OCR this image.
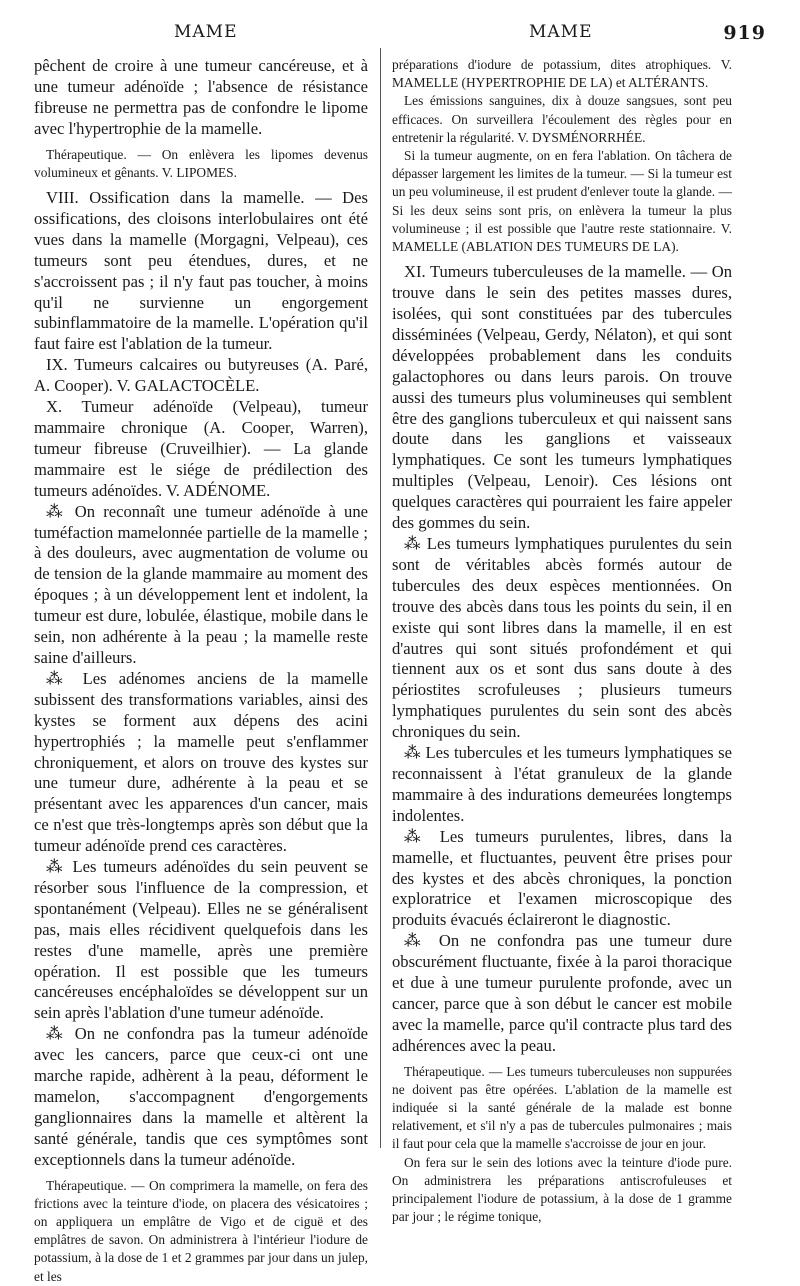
MAME	MAME	919

pêchent de croire à une tumeur cancéreuse, et à une tumeur adénoïde ; l'absence de résistance fibreuse ne permettra pas de confondre le lipome avec l'hypertrophie de la mamelle.

Thérapeutique. — On enlèvera les lipomes devenus volumineux et gênants. V. LIPOMES.

VIII. Ossification dans la mamelle. — Des ossifications, des cloisons interlobulaires ont été vues dans la mamelle (Morgagni, Velpeau), ces tumeurs sont peu étendues, dures, et ne s'accroissent pas ; il n'y faut pas toucher, à moins qu'il ne survienne un engorgement subinflammatoire de la mamelle. L'opération qu'il faut faire est l'ablation de la tumeur.

IX. Tumeurs calcaires ou butyreuses (A. Paré, A. Cooper). V. GALACTOCÈLE.

X. Tumeur adénoïde (Velpeau), tumeur mammaire chronique (A. Cooper, Warren), tumeur fibreuse (Cruveilhier). — La glande mammaire est le siége de prédilection des tumeurs adénoïdes. V. ADÉNOME.

⁂ On reconnaît une tumeur adénoïde à une tuméfaction mamelonnée partielle de la mamelle ; à des douleurs, avec augmentation de volume ou de tension de la glande mammaire au moment des époques ; à un développement lent et indolent, la tumeur est dure, lobulée, élastique, mobile dans le sein, non adhérente à la peau ; la mamelle reste saine d'ailleurs.

⁂ Les adénomes anciens de la mamelle subissent des transformations variables, ainsi des kystes se forment aux dépens des acini hypertrophiés ; la mamelle peut s'enflammer chroniquement, et alors on trouve des kystes sur une tumeur dure, adhérente à la peau et se présentant avec les apparences d'un cancer, mais ce n'est que très-longtemps après son début que la tumeur adénoïde prend ces caractères.

⁂ Les tumeurs adénoïdes du sein peuvent se résorber sous l'influence de la compression, et spontanément (Velpeau). Elles ne se généralisent pas, mais elles récidivent quelquefois dans les restes d'une mamelle, après une première opération. Il est possible que les tumeurs cancéreuses encéphaloïdes se développent sur un sein après l'ablation d'une tumeur adénoïde.

⁂ On ne confondra pas la tumeur adénoïde avec les cancers, parce que ceux-ci ont une marche rapide, adhèrent à la peau, déforment le mamelon, s'accompagnent d'engorgements ganglionnaires dans la mamelle et altèrent la santé générale, tandis que ces symptômes sont exceptionnels dans la tumeur adénoïde.

Thérapeutique. — On comprimera la mamelle, on fera des frictions avec la teinture d'iode, on placera des vésicatoires ; on appliquera un emplâtre de Vigo et de ciguë et des emplâtres de savon. On administrera à l'intérieur l'iodure de potassium, à la dose de 1 et 2 grammes par jour dans un julep, et les

préparations d'iodure de potassium, dites atrophiques. V. MAMELLE (HYPERTROPHIE DE LA) et ALTÉRANTS.

Les émissions sanguines, dix à douze sangsues, sont peu efficaces. On surveillera l'écoulement des règles pour en entretenir la régularité. V. DYSMÉNORRHÉE.

Si la tumeur augmente, on en fera l'ablation. On tâchera de dépasser largement les limites de la tumeur. — Si la tumeur est un peu volumineuse, il est prudent d'enlever toute la glande. — Si les deux seins sont pris, on enlèvera la tumeur la plus volumineuse ; il est possible que l'autre reste stationnaire. V. MAMELLE (ABLATION DES TUMEURS DE LA).

XI. Tumeurs tuberculeuses de la mamelle. — On trouve dans le sein des petites masses dures, isolées, qui sont constituées par des tubercules disséminées (Velpeau, Gerdy, Nélaton), et qui sont développées probablement dans les conduits galactophores ou dans leurs parois. On trouve aussi des tumeurs plus volumineuses qui semblent être des ganglions tuberculeux et qui naissent sans doute dans les ganglions et vaisseaux lymphatiques. Ce sont les tumeurs lymphatiques multiples (Velpeau, Lenoir). Ces lésions ont quelques caractères qui pourraient les faire appeler des gommes du sein.

⁂ Les tumeurs lymphatiques purulentes du sein sont de véritables abcès formés autour de tubercules des deux espèces mentionnées. On trouve des abcès dans tous les points du sein, il en existe qui sont libres dans la mamelle, il en est d'autres qui sont situés profondément et qui tiennent aux os et sont dus sans doute à des périostites scrofuleuses ; plusieurs tumeurs lymphatiques purulentes du sein sont des abcès chroniques du sein.

⁂ Les tubercules et les tumeurs lymphatiques se reconnaissent à l'état granuleux de la glande mammaire à des indurations demeurées longtemps indolentes.

⁂ Les tumeurs purulentes, libres, dans la mamelle, et fluctuantes, peuvent être prises pour des kystes et des abcès chroniques, la ponction exploratrice et l'examen microscopique des produits évacués éclaireront le diagnostic.

⁂ On ne confondra pas une tumeur dure obscurément fluctuante, fixée à la paroi thoracique et due à une tumeur purulente profonde, avec un cancer, parce que à son début le cancer est mobile avec la mamelle, parce qu'il contracte plus tard des adhérences avec la peau.

Thérapeutique. — Les tumeurs tuberculeuses non suppurées ne doivent pas être opérées. L'ablation de la mamelle est indiquée si la santé générale de la malade est bonne relativement, et s'il n'y a pas de tubercules pulmonaires ; mais il faut pour cela que la mamelle s'accroisse de jour en jour.

On fera sur le sein des lotions avec la teinture d'iode pure. On administrera les préparations antiscrofuleuses et principalement l'iodure de potassium, à la dose de 1 gramme par jour ; le régime tonique,
